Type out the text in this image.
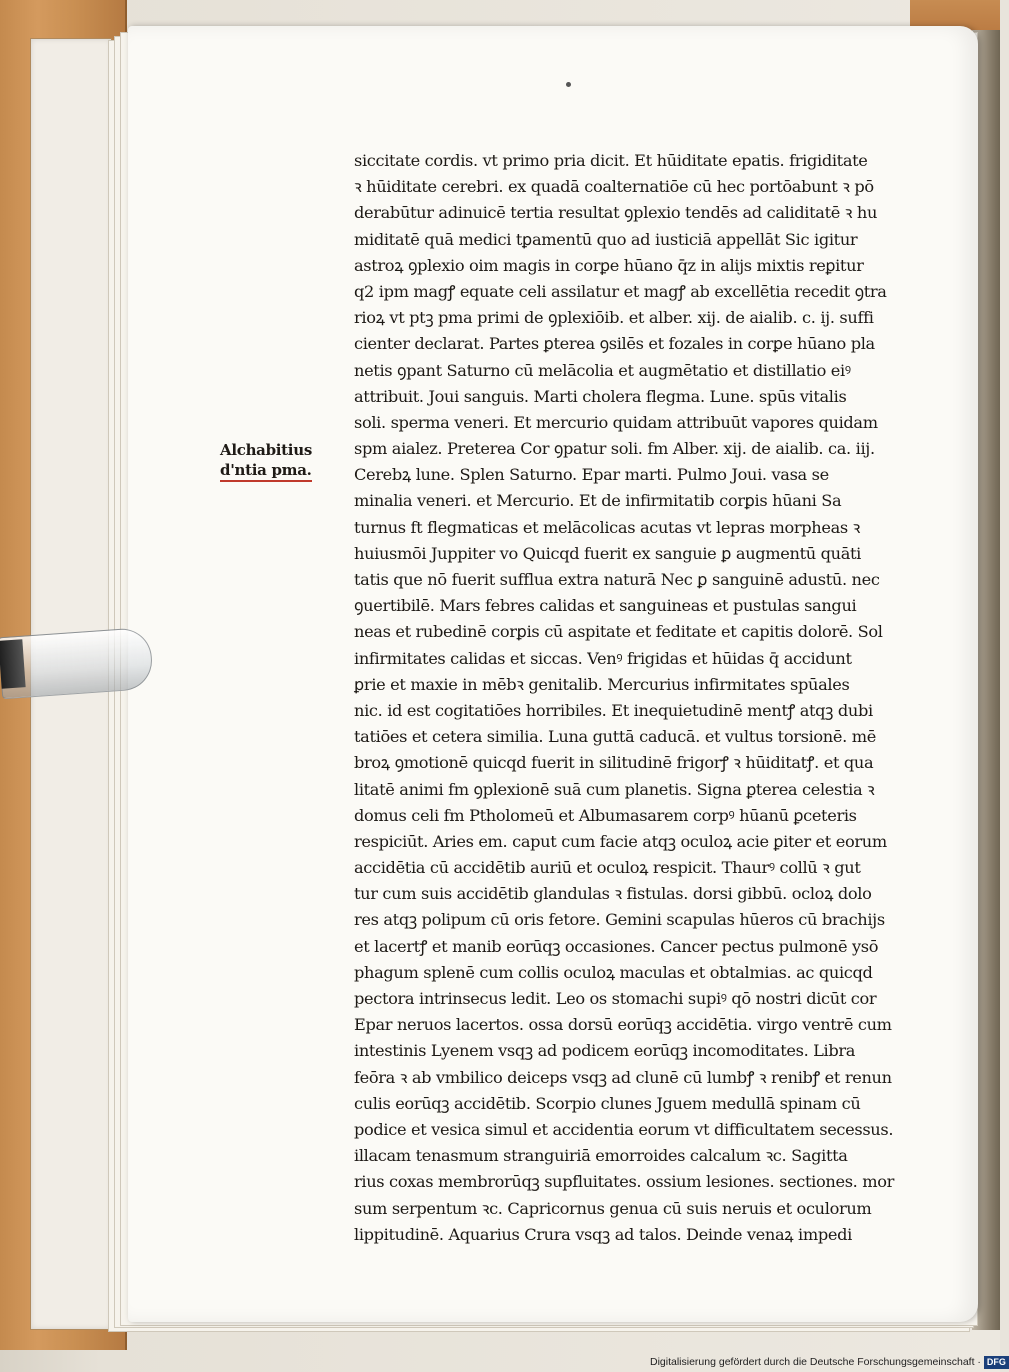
Alchabitius
d'ntia pma.
siccitate cordis. vt primo pria dicit. Et hūiditate epatis. frigiditate
ꝛ hūiditate cerebri. ex quadā coalternatiōe cū hec portōabunt ꝛ pō
derabūtur adinuicē tertia resultat ꝯplexio tendēs ad caliditatē ꝛ hu
miditatē quā medici tꝑamentū quo ad iusticiā appellāt Sic igitur
astroꝝ ꝯplexio oim magis in corꝑe hūano q̄z in alijs mixtis reꝑitur
q2 ipm magꝭ equate celi assilatur et magꝭ ab excellētia recedit ꝯtra
rioꝝ vt ptꝫ pma primi de ꝯplexiōib. et alber. xij. de aialib. c. ij. suffi
cienter declarat. Partes ꝑterea ꝯsilēs et fozales in corꝑe hūano pla
netis ꝯpant Saturno cū melācolia et augmētatio et distillatio eiꝰ
attribuit. Joui sanguis. Marti cholera flegma. Lune. spūs vitalis
soli. sperma veneri. Et mercurio quidam attribuūt vapores quidam
spm aialez. Preterea Cor ꝯpatur soli. fm Alber. xij. de aialib. ca. iij.
Cerebꝝ lune. Splen Saturno. Epar marti. Pulmo Joui. vasa se
minalia veneri. et Mercurio. Et de infirmitatib corꝑis hūani Sa
turnus ft flegmaticas et melācolicas acutas vt lepras morpheas ꝛ
huiusmōi Juppiter vo Quicqd fuerit ex sanguie ꝑ augmentū quāti
tatis que nō fuerit sufflua extra naturā Nec ꝑ sanguinē adustū. nec
ꝯuertibilē. Mars febres calidas et sanguineas et pustulas sangui
neas et rubedinē corꝑis cū aspitate et feditate et capitis dolorē. Sol
infirmitates calidas et siccas. Venꝰ frigidas et hūidas q̄ accidunt
ꝑrie et maxie in mēbꝛ genitalib. Mercurius infirmitates spūales
nic. id est cogitatiōes horribiles. Et inequietudinē mentꝭ atqꝫ dubi
tatiōes et cetera similia. Luna guttā caducā. et vultus torsionē. mē
broꝝ ꝯmotionē quicqd fuerit in silitudinē frigorꝭ ꝛ hūiditatꝭ. et qua
litatē animi fm ꝯplexionē suā cum planetis. Signa ꝑterea celestia ꝛ
domus celi fm Ptholomeū et Albumasarem corpꝰ hūanū ꝑceteris
respiciūt. Aries em. caput cum facie atqꝫ oculoꝝ acie ꝑiter et eorum
accidētia cū accidētib auriū et oculoꝝ respicit. Thaurꝰ collū ꝛ gut
tur cum suis accidētib glandulas ꝛ fistulas. dorsi gibbū. ocloꝝ dolo
res atqꝫ polipum cū oris fetore. Gemini scapulas hūeros cū brachijs
et lacertꝭ et manib eorūqꝫ occasiones. Cancer pectus pulmonē ysō
phagum splenē cum collis oculoꝝ maculas et obtalmias. ac quicqd
pectora intrinsecus ledit. Leo os stomachi supiꝰ qō nostri dicūt cor
Epar neruos lacertos. ossa dorsū eorūqꝫ accidētia. virgo ventrē cum
intestinis Lyenem vsqꝫ ad podicem eorūqꝫ incomoditates. Libra
feōra ꝛ ab vmbilico deiceps vsqꝫ ad clunē cū lumbꝭ ꝛ renibꝭ et renun
culis eorūqꝫ accidētib. Scorpio clunes Jguem medullā spinam cū
podice et vesica simul et accidentia eorum vt difficultatem secessus.
illacam tenasmum stranguiriā emorroides calcalum ꝛc. Sagitta
rius coxas membrorūqꝫ supfluitates. ossium lesiones. sectiones. mor
sum serpentum ꝛc. Capricornus genua cū suis neruis et oculorum
lippitudinē. Aquarius Crura vsqꝫ ad talos. Deinde venaꝝ impedi
Digitalisierung gefördert durch die Deutsche Forschungsgemeinschaft · DFG
